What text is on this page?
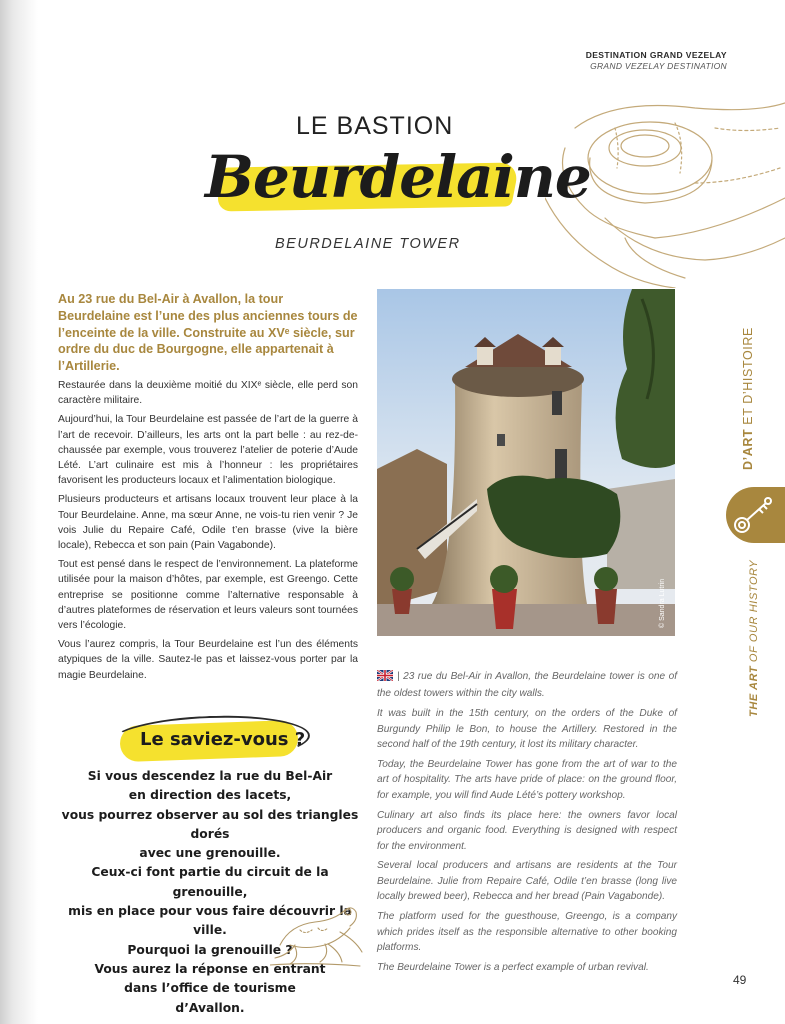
DESTINATION GRAND VEZELAY
GRAND VEZELAY DESTINATION
LE BASTION
Beurdelaine
BEURDELAINE TOWER
Au 23 rue du Bel-Air à Avallon, la tour Beurdelaine est l’une des plus anciennes tours de l’enceinte de la ville. Construite au XVᵉ siècle, sur ordre du duc de Bourgogne, elle appartenait à l’Artillerie.

Restaurée dans la deuxième moitié du XIXᵉ siècle, elle perd son caractère militaire.

Aujourd’hui, la Tour Beurdelaine est passée de l’art de la guerre à l’art de recevoir. D’ailleurs, les arts ont la part belle : au rez-de-chaussée par exemple, vous trouverez l’atelier de poterie d’Aude Lété. L’art culinaire est mis à l’honneur : les propriétaires favorisent les producteurs locaux et l’alimentation biologique.

Plusieurs producteurs et artisans locaux trouvent leur place à la Tour Beurdelaine. Anne, ma sœur Anne, ne vois-tu rien venir ? Je vois Julie du Repaire Café, Odile t’en brasse (vive la bière locale), Rebecca et son pain (Pain Vagabonde).

Tout est pensé dans le respect de l’environnement. La plateforme utilisée pour la maison d’hôtes, par exemple, est Greengo. Cette entreprise se positionne comme l’alternative responsable à d’autres plateformes de réservation et leurs valeurs sont tournées vers l’écologie.

Vous l’aurez compris, la Tour Beurdelaine est l’un des éléments atypiques de la ville. Sautez-le pas et laissez-vous porter par la magie Beurdelaine.

© Sandra Lutrin
D’ART ET D’HISTOIRE
THE ART OF OUR HISTORY

| 23 rue du Bel-Air in Avallon, the Beurdelaine tower is one of the oldest towers within the city walls.

It was built in the 15th century, on the orders of the Duke of Burgundy Philip le Bon, to house the Artillery. Restored in the second half of the 19th century, it lost its military character.

Today, the Beurdelaine Tower has gone from the art of war to the art of hospitality. The arts have pride of place: on the ground floor, for example, you will find Aude Lété’s pottery workshop.

Culinary art also finds its place here: the owners favor local producers and organic food. Everything is designed with respect for the environment.

Several local producers and artisans are residents at the Tour Beurdelaine. Julie from Repaire Café, Odile t’en brasse (long live locally brewed beer), Rebecca and her bread (Pain Vagabonde).

The platform used for the guesthouse, Greengo, is a company which prides itself as the responsible alternative to other booking platforms.

The Beurdelaine Tower is a perfect example of urban revival.

Le saviez-vous ?
Si vous descendez la rue du Bel-Air
en direction des lacets,
vous pourrez observer au sol des triangles dorés
avec une grenouille.
Ceux-ci font partie du circuit de la grenouille,
mis en place pour vous faire découvrir la ville.
Pourquoi la grenouille ?
Vous aurez la réponse en entrant
dans l’office de tourisme
d’Avallon.
49
